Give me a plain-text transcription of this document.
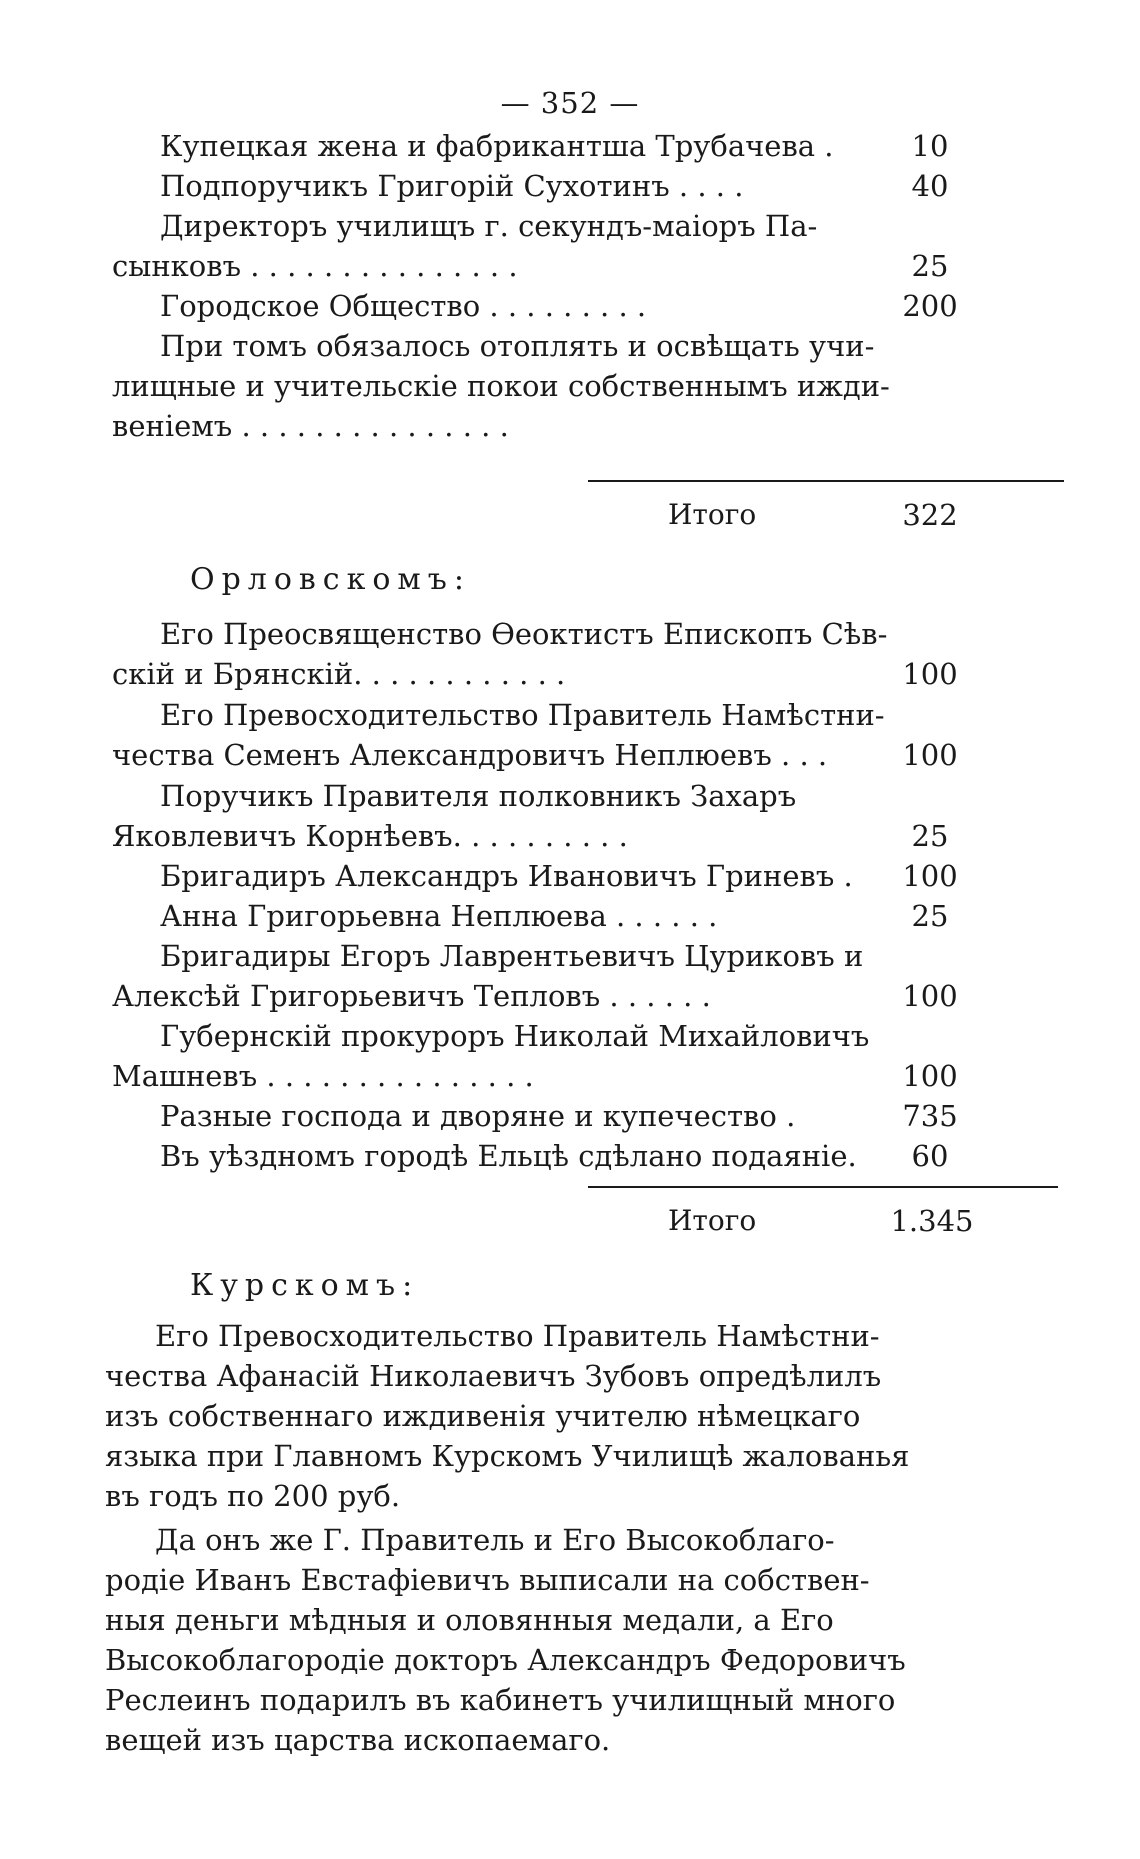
— 352 —
Купецкая жена и фабрикантша Трубачева .	10
Подпоручикъ Григорій Сухотинъ . . . .	40
Директоръ училищъ г. секундъ-маіоръ Па-
сынковъ . . . . . . . . . . . . . . .	25
Городское Общество . . . . . . . . .	200
При томъ обязалось отоплять и освѣщать учи-
лищные и учительскіе покои собственнымъ ижди-
веніемъ . . . . . . . . . . . . . . .
Итого	322
Орловскомъ:
Его Преосвященство Ѳеоктистъ Епископъ Сѣв-
скій и Брянскій. . . . . . . . . . . .	100
Его Превосходительство Правитель Намѣстни-
чества Семенъ Александровичъ Неплюевъ . . .	100
Поручикъ Правителя полковникъ Захаръ
Яковлевичъ Корнѣевъ. . . . . . . . . .	25
Бригадиръ Александръ Ивановичъ Гриневъ .	100
Анна Григорьевна Неплюева . . . . . .	25
Бригадиры Егоръ Лаврентьевичъ Цуриковъ и
Алексѣй Григорьевичъ Тепловъ . . . . . .	100
Губернскій прокуроръ Николай Михайловичъ
Машневъ . . . . . . . . . . . . . . .	100
Разные господа и дворяне и купечество .	735
Въ уѣздномъ городѣ Ельцѣ сдѣлано подаяніе.	60
Итого	1.345
Курскомъ:
Его Превосходительство Правитель Намѣстни-
чества Афанасій Николаевичъ Зубовъ опредѣлилъ
изъ собственнаго иждивенія учителю нѣмецкаго
языка при Главномъ Курскомъ Училищѣ жалованья
въ годъ по 200 руб.
Да онъ же Г. Правитель и Его Высокоблаго-
родіе Иванъ Евстафіевичъ выписали на собствен-
ныя деньги мѣдныя и оловянныя медали, а Его
Высокоблагородіе докторъ Александръ Федоровичъ
Реслеинъ подарилъ въ кабинетъ училищный много
вещей изъ царства ископаемаго.
